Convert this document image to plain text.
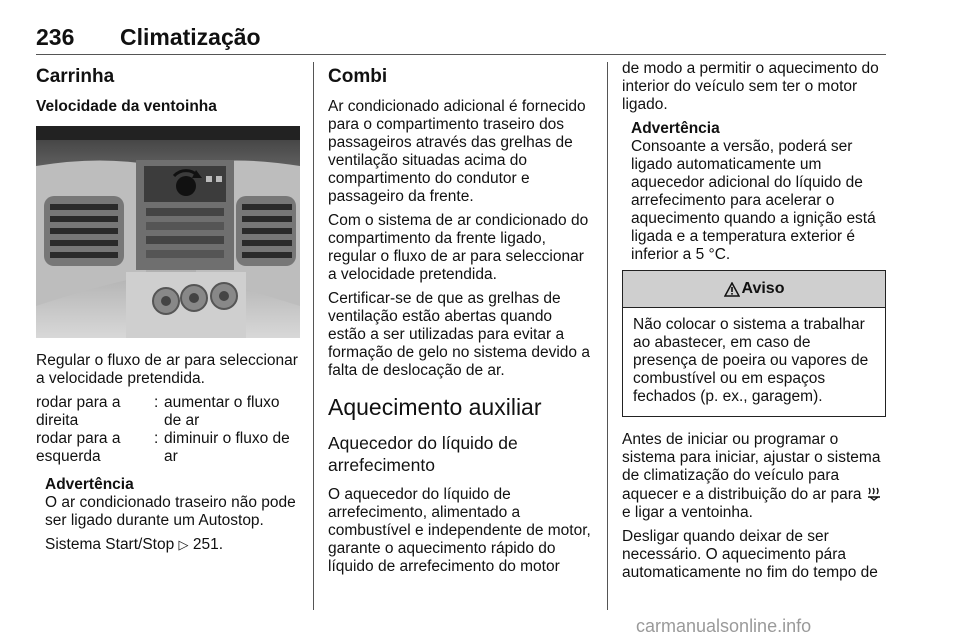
236 Climatização
Carrinha
Velocidade da ventoinha

Regular o fluxo de ar para seleccionar a velocidade pretendida.

rodar para a direita
: aumentar o fluxo de ar
rodar para a esquerda
: diminuir o fluxo de ar
Advertência
O ar condicionado traseiro não pode ser ligado durante um Autostop.

Sistema Start/Stop ▷ 251.

Combi

Ar condicionado adicional é fornecido para o compartimento traseiro dos passageiros através das grelhas de ventilação situadas acima do compartimento do condutor e passageiro da frente.

Com o sistema de ar condicionado do compartimento da frente ligado, regular o fluxo de ar para seleccionar a velocidade pretendida.

Certificar-se de que as grelhas de ventilação estão abertas quando estão a ser utilizadas para evitar a formação de gelo no sistema devido a falta de deslocação de ar.

Aquecimento auxiliar
Aquecedor do líquido de arrefecimento

O aquecedor do líquido de arrefecimento, alimentado a combustível e independente de motor, garante o aquecimento rápido do líquido de arrefecimento do motor

de modo a permitir o aquecimento do interior do veículo sem ter o motor ligado.

Advertência
Consoante a versão, poderá ser ligado automaticamente um aquecedor adicional do líquido de arrefecimento para acelerar o aquecimento quando a ignição está ligada e a temperatura exterior é inferior a 5 °C.
Aviso
Não colocar o sistema a trabalhar ao abastecer, em caso de presença de poeira ou vapores de combustível ou em espaços fechados (p. ex., garagem).

Antes de iniciar ou programar o sistema para iniciar, ajustar o sistema de climatização do veículo para aquecer e a distribuição do ar para  e ligar a ventoinha.

Desligar quando deixar de ser necessário. O aquecimento pára automaticamente no fim do tempo de

carmanualsonline.info
